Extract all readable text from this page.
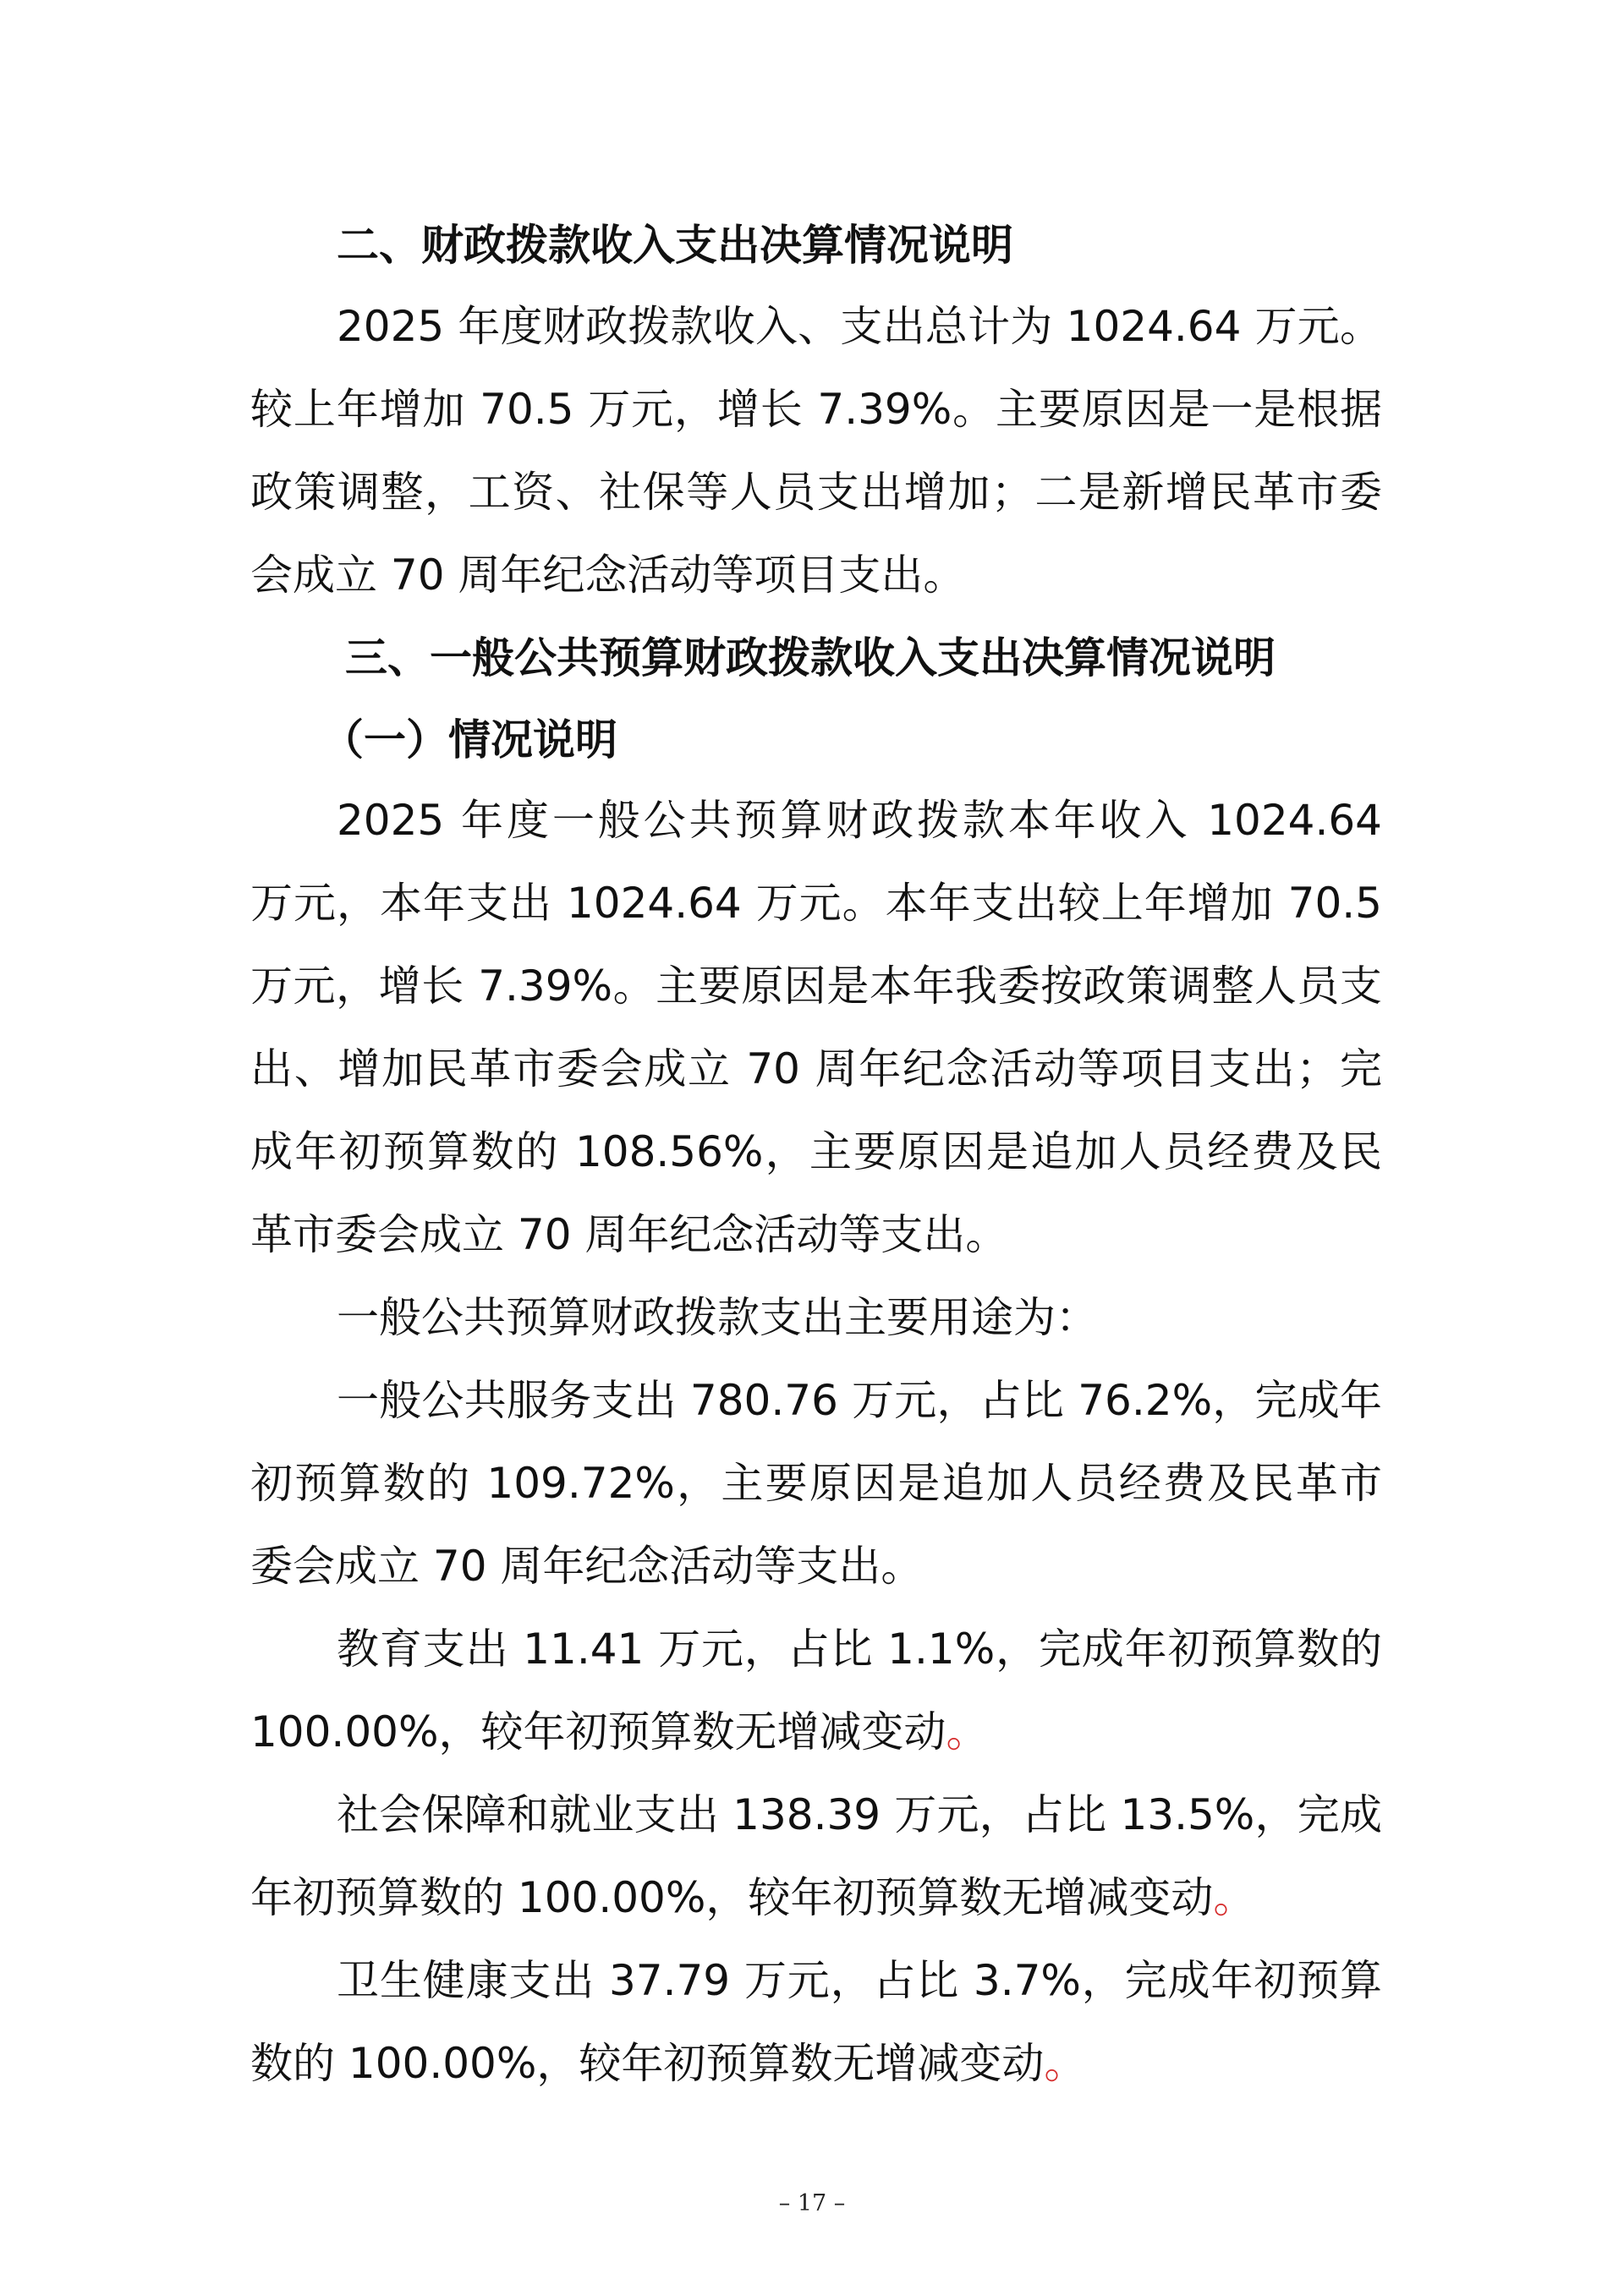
二、财政拨款收入支出决算情况说明
2025 年度财政拨款收入、支出总计为 1024.64 万元。
较上年增加 70.5 万元，增长 7.39%。主要原因是一是根据
政策调整，工资、社保等人员支出增加；二是新增民革市委
会成立 70 周年纪念活动等项目支出。
三、一般公共预算财政拨款收入支出决算情况说明
（一）情况说明
2025 年度一般公共预算财政拨款本年收入 1024.64
万元，本年支出 1024.64 万元。本年支出较上年增加 70.5
万元，增长 7.39%。主要原因是本年我委按政策调整人员支
出、增加民革市委会成立 70 周年纪念活动等项目支出；完
成年初预算数的 108.56%，主要原因是追加人员经费及民
革市委会成立 70 周年纪念活动等支出。
一般公共预算财政拨款支出主要用途为：
一般公共服务支出 780.76 万元，占比 76.2%，完成年
初预算数的 109.72%，主要原因是追加人员经费及民革市
委会成立 70 周年纪念活动等支出。
教育支出 11.41 万元，占比 1.1%，完成年初预算数的
100.00%，较年初预算数无增减变动。
社会保障和就业支出 138.39 万元，占比 13.5%，完成
年初预算数的 100.00%，较年初预算数无增减变动。
卫生健康支出 37.79 万元，占比 3.7%，完成年初预算
数的 100.00%，较年初预算数无增减变动。
– 17 –
